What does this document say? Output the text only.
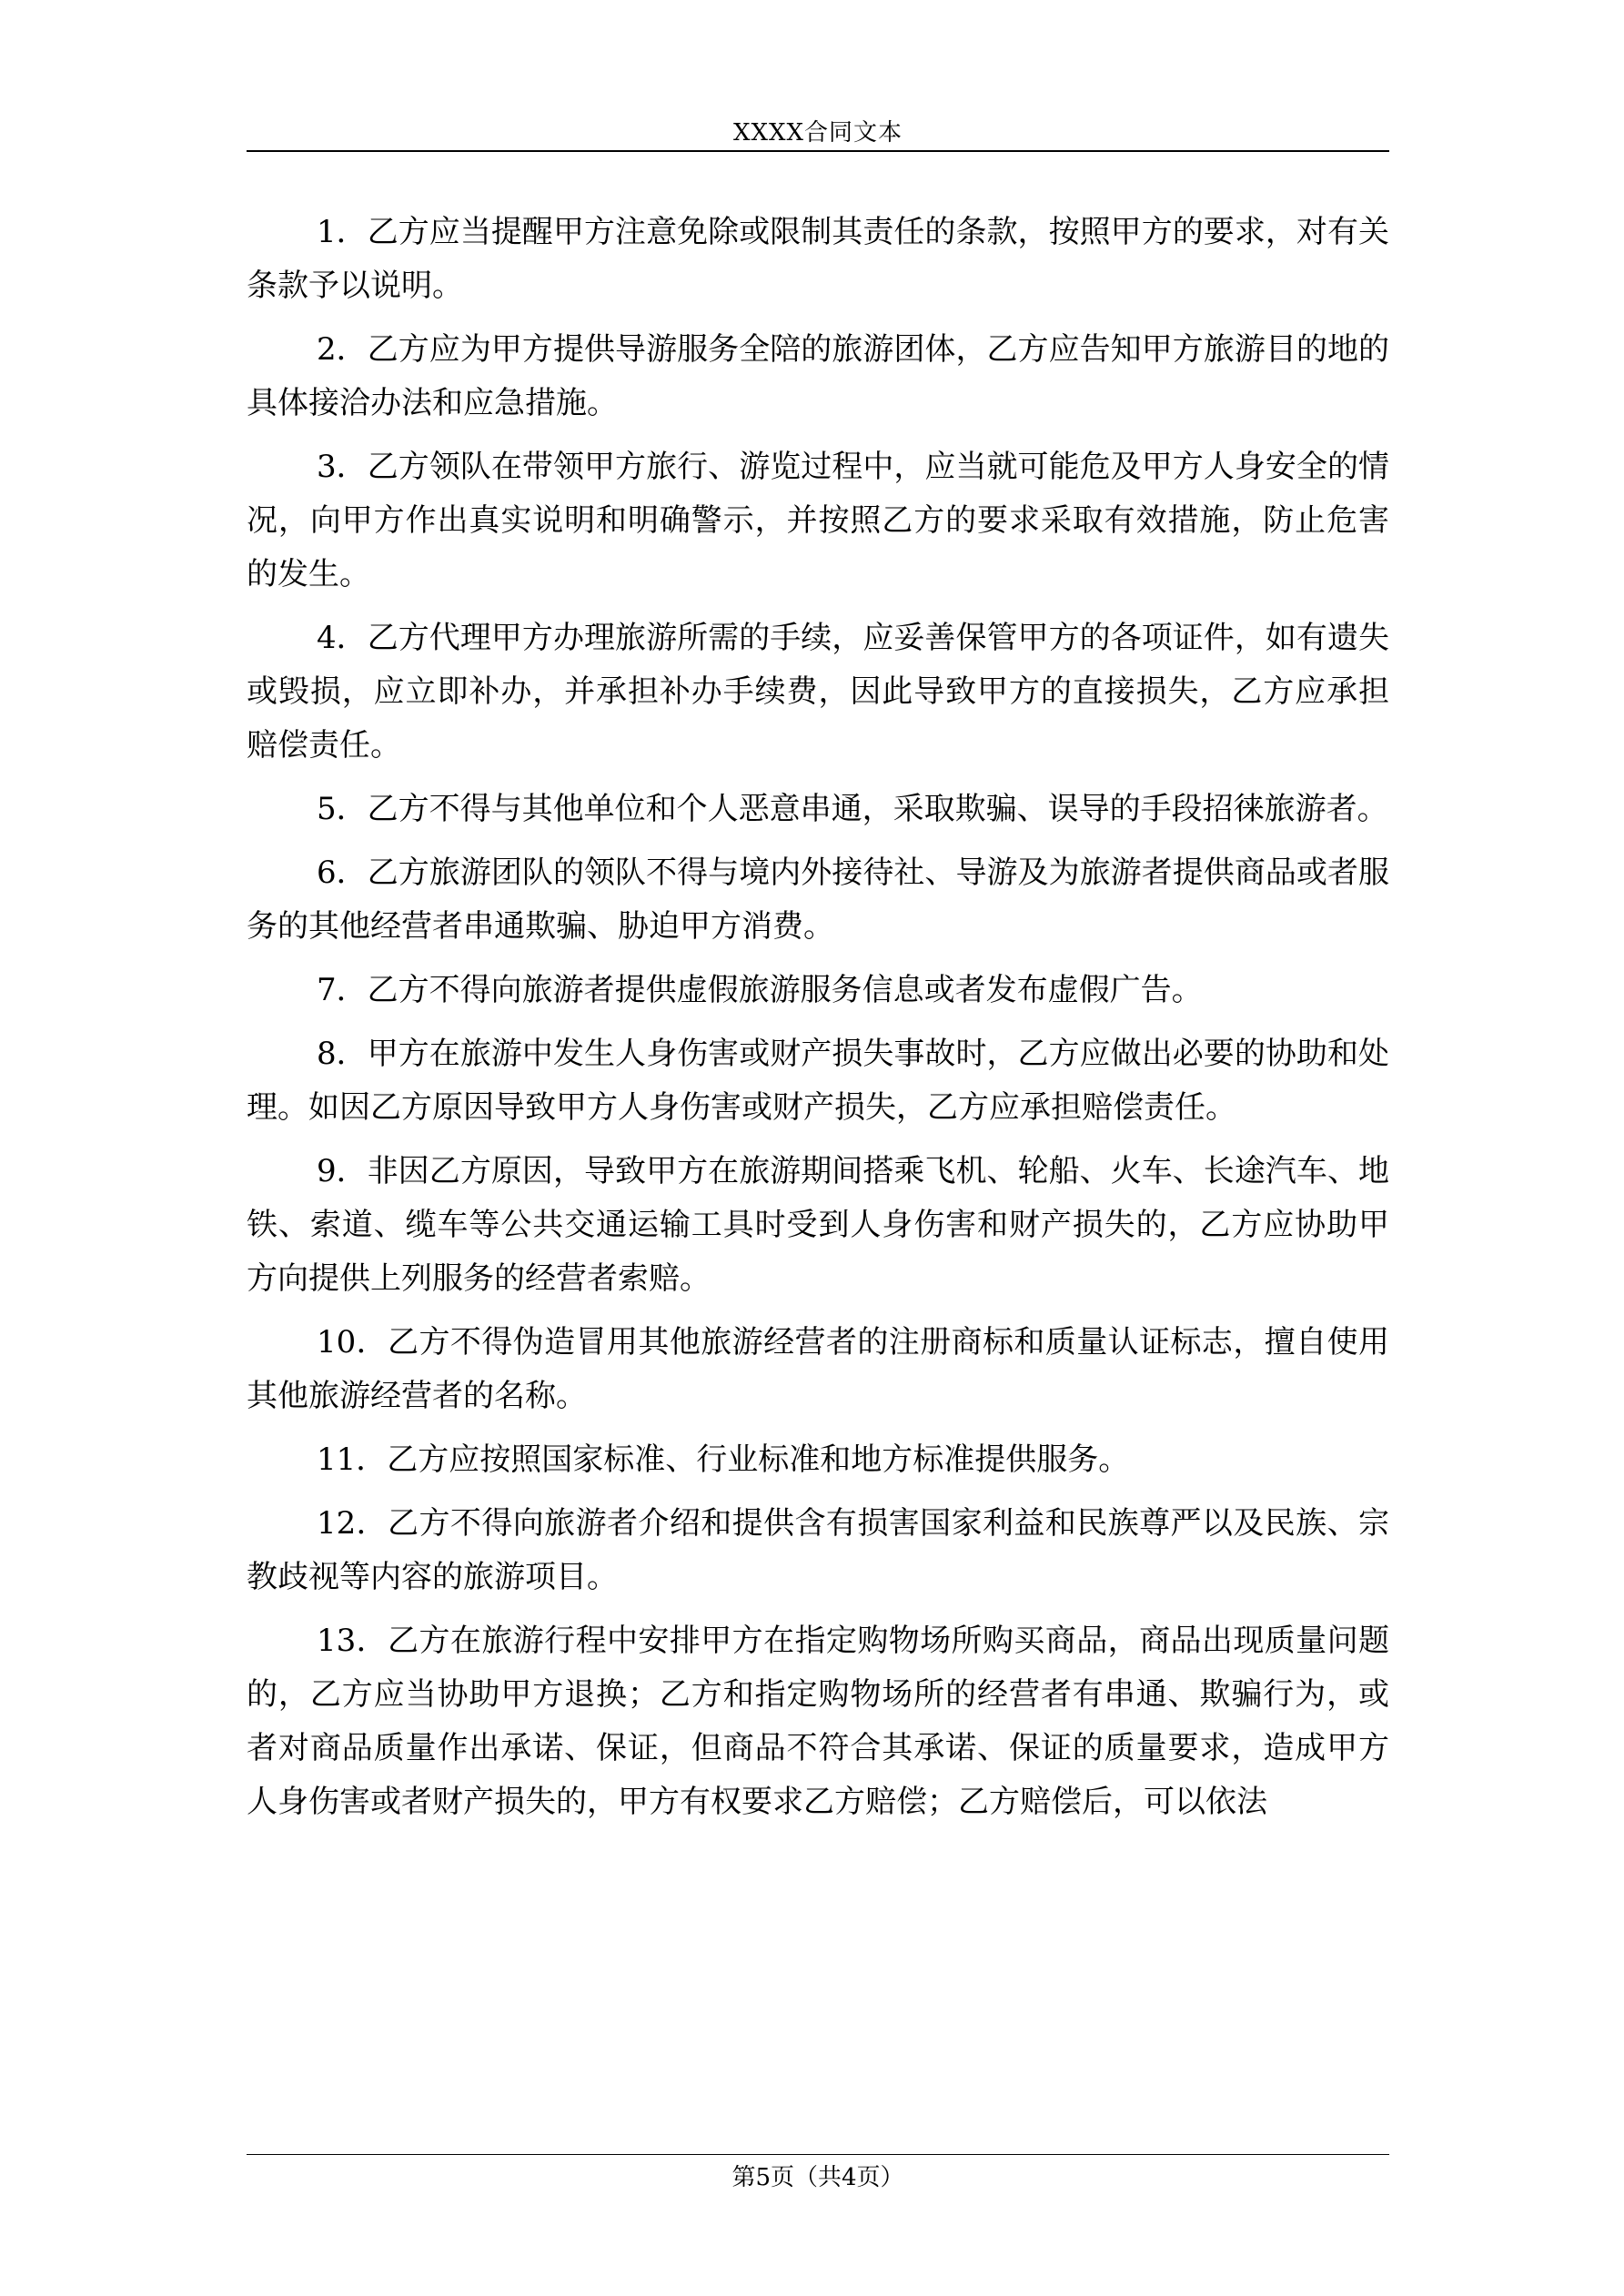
XXXX合同文本

1．乙方应当提醒甲方注意免除或限制其责任的条款，按照甲方的要求，对有关条款予以说明。

2．乙方应为甲方提供导游服务全陪的旅游团体，乙方应告知甲方旅游目的地的具体接洽办法和应急措施。

3．乙方领队在带领甲方旅行、游览过程中，应当就可能危及甲方人身安全的情况，向甲方作出真实说明和明确警示，并按照乙方的要求采取有效措施，防止危害的发生。

4．乙方代理甲方办理旅游所需的手续，应妥善保管甲方的各项证件，如有遗失或毁损，应立即补办，并承担补办手续费，因此导致甲方的直接损失，乙方应承担赔偿责任。

5．乙方不得与其他单位和个人恶意串通，采取欺骗、误导的手段招徕旅游者。

6．乙方旅游团队的领队不得与境内外接待社、导游及为旅游者提供商品或者服务的其他经营者串通欺骗、胁迫甲方消费。

7．乙方不得向旅游者提供虚假旅游服务信息或者发布虚假广告。

8．甲方在旅游中发生人身伤害或财产损失事故时，乙方应做出必要的协助和处理。如因乙方原因导致甲方人身伤害或财产损失，乙方应承担赔偿责任。

9．非因乙方原因，导致甲方在旅游期间搭乘飞机、轮船、火车、长途汽车、地铁、索道、缆车等公共交通运输工具时受到人身伤害和财产损失的，乙方应协助甲方向提供上列服务的经营者索赔。

10．乙方不得伪造冒用其他旅游经营者的注册商标和质量认证标志，擅自使用其他旅游经营者的名称。

11．乙方应按照国家标准、行业标准和地方标准提供服务。

12．乙方不得向旅游者介绍和提供含有损害国家利益和民族尊严以及民族、宗教歧视等内容的旅游项目。

13．乙方在旅游行程中安排甲方在指定购物场所购买商品，商品出现质量问题的，乙方应当协助甲方退换；乙方和指定购物场所的经营者有串通、欺骗行为，或者对商品质量作出承诺、保证，但商品不符合其承诺、保证的质量要求，造成甲方人身伤害或者财产损失的，甲方有权要求乙方赔偿；乙方赔偿后，可以依法

第5页（共4页）
